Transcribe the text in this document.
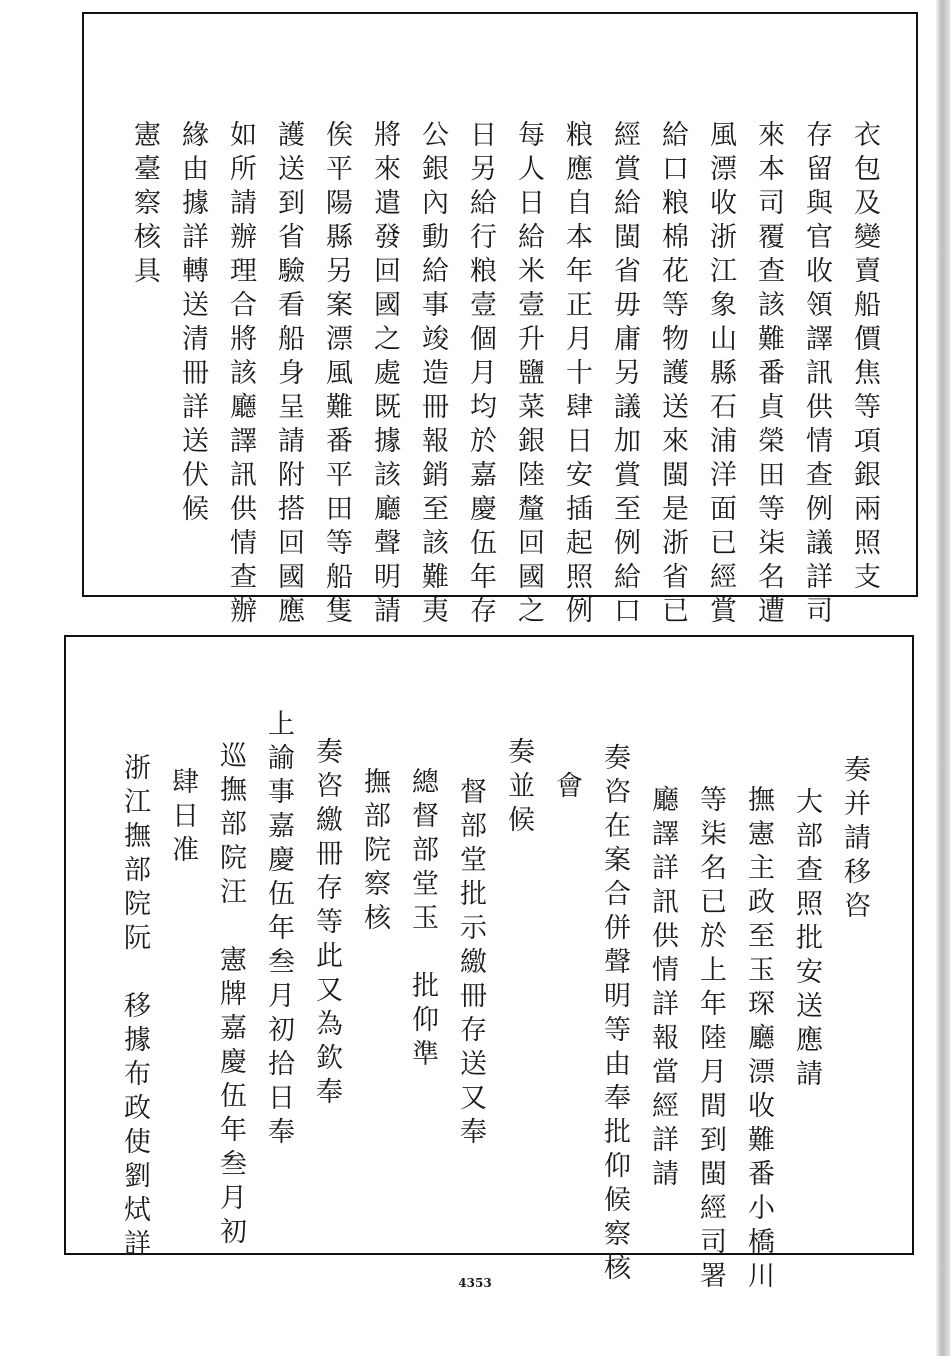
衣包及變賣船價焦等項銀兩照支
存留與官收領譯訊供情查例議詳司
來本司覆查該難番貞榮田等㭍名遭
風漂收浙江象山縣石浦洋面已經賞
給口粮棉花等物護送來閩是浙省已
經賞給閩省毋庸另議加賞至例給口
粮應自本年正月十肆日安插起照例
每人日給米壹升鹽菜銀陸釐回國之
日另給行粮壹個月均於嘉慶伍年存
公銀內動給事竣造冊報銷至該難夷
將來遣發回國之處既據該廳聲明請
俟平陽縣另案漂風難番平田等船隻
護送到省驗看船身呈請附搭回國應
如所請辦理合將該廳譯訊供情查辦
緣由據詳轉送清冊詳送伏候
憲臺察核具
奏并請移咨
大部查照批安送應請
撫憲主政至玉琛廳漂收難番小橋川
等柒名已於上年陸月間到閩經司署
廳譯詳訊供情詳報當經詳請
奏咨在案合併聲明等由奉批仰候察核
會
奏並候
督部堂批示繳冊存送又奉
總督部堂玉　批仰準
撫部院察核
奏咨繳冊存等此又為欽奉
上諭事嘉慶伍年叁月初拾日奉
巡撫部院汪　憲牌嘉慶伍年叁月初
肆日准
浙江撫部院阮　移據布政使劉烒詳
4353
